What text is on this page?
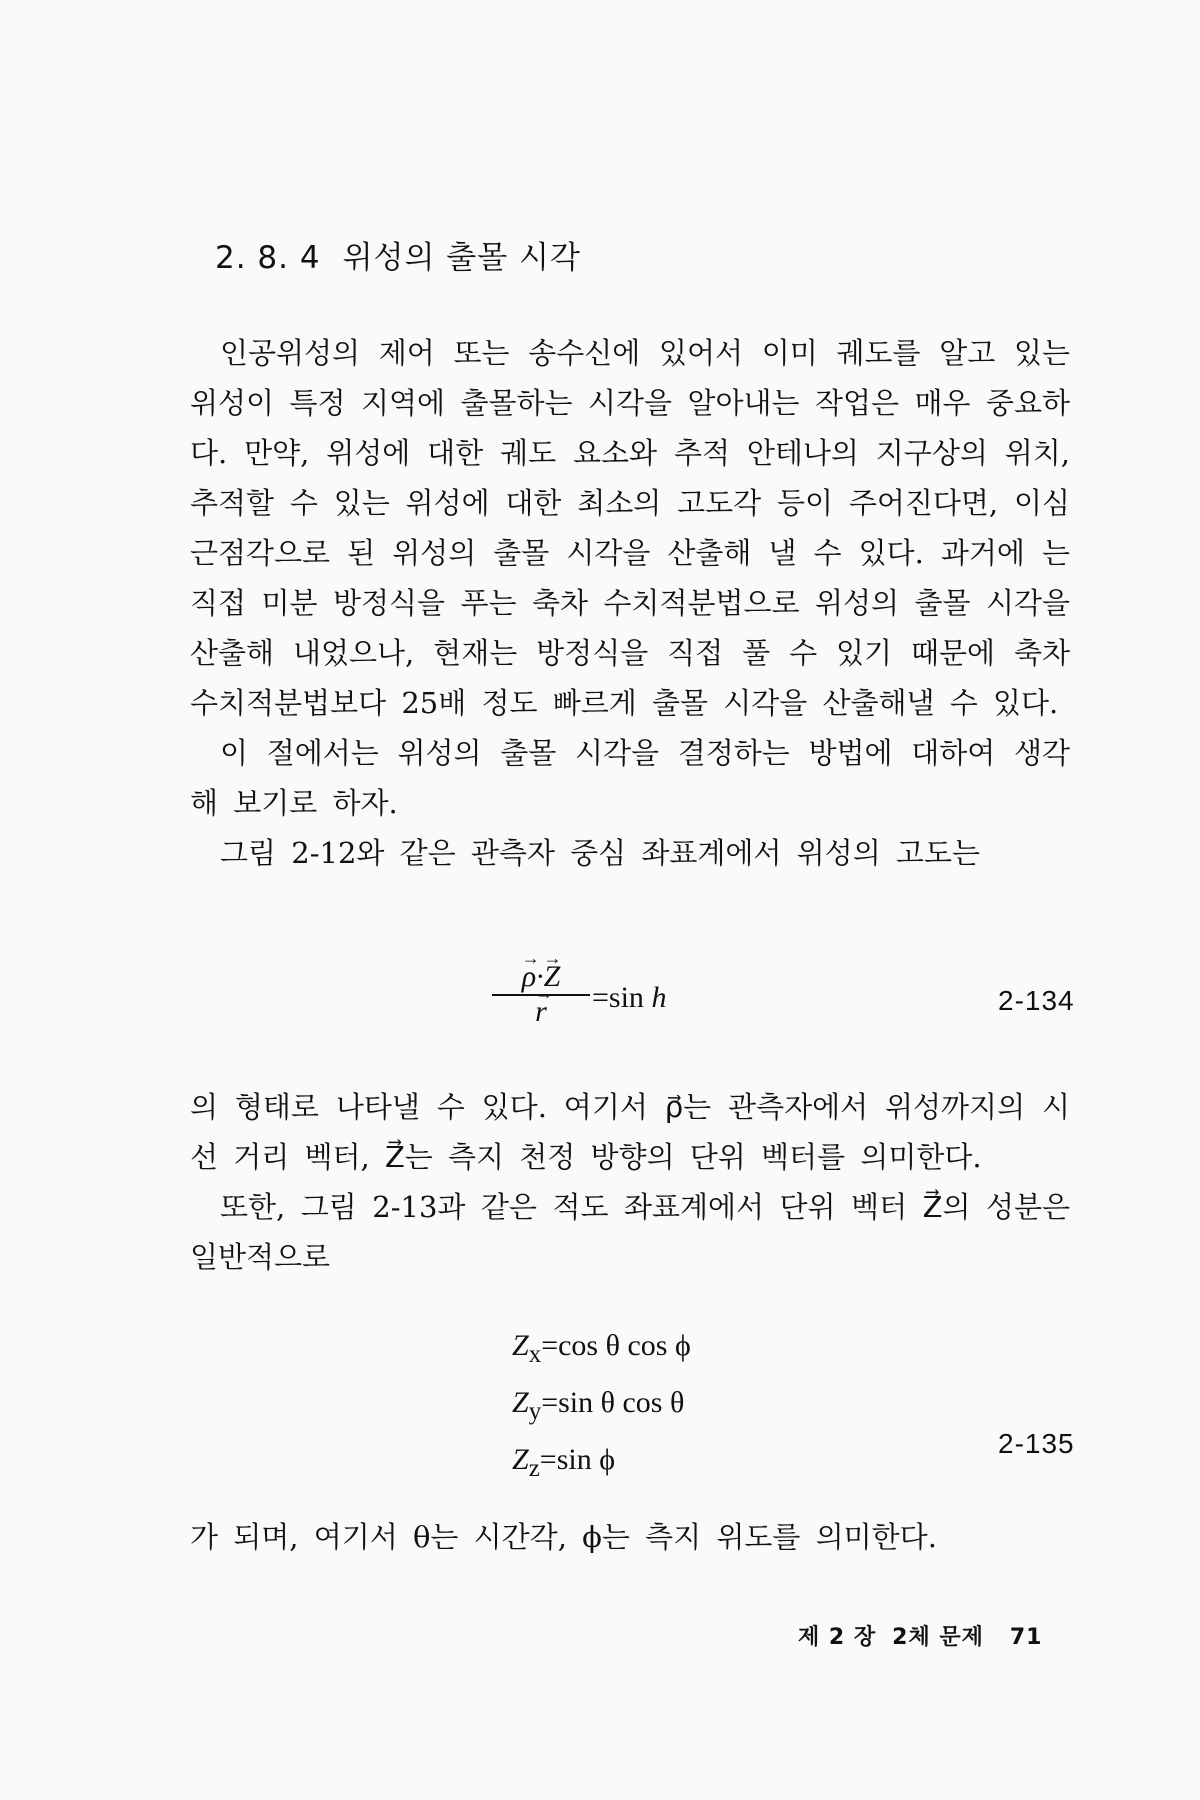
2. 8. 4 위성의 출몰 시각

인공위성의 제어 또는 송수신에 있어서 이미 궤도를 알고 있는 위성이 특정 지역에 출몰하는 시각을 알아내는 작업은 매우 중요하다. 만약, 위성에 대한 궤도 요소와 추적 안테나의 지구상의 위치, 추적할 수 있는 위성에 대한 최소의 고도각 등이 주어진다면, 이심근점각으로 된 위성의 출몰 시각을 산출해 낼 수 있다. 과거에 는 직접 미분 방정식을 푸는 축차 수치적분법으로 위성의 출몰 시각을 산출해 내었으나, 현재는 방정식을 직접 풀 수 있기 때문에 축차 수치적분법보다 25배 정도 빠르게 출몰 시각을 산출해낼 수 있다.

이 절에서는 위성의 출몰 시각을 결정하는 방법에 대하여 생각해 보기로 하자.

그림 2-12와 같은 관측자 중심 좌표계에서 위성의 고도는

→ ρ·→ Z
→ r	=sin h	2-134

의 형태로 나타낼 수 있다. 여기서 ρ⃗는 관측자에서 위성까지의 시선 거리 벡터, Z⃗는 측지 천정 방향의 단위 벡터를 의미한다.

또한, 그림 2-13과 같은 적도 좌표계에서 단위 벡터 Z⃗의 성분은 일반적으로

$Z_x=\cos$ θ cos ϕ
$Z_y=\sin$ θ cos θ
$Z_z=\sin$ ϕ	2-135

가 되며, 여기서 θ는 시간각, ϕ는 측지 위도를 의미한다.

제 2 장 2체 문제 71
